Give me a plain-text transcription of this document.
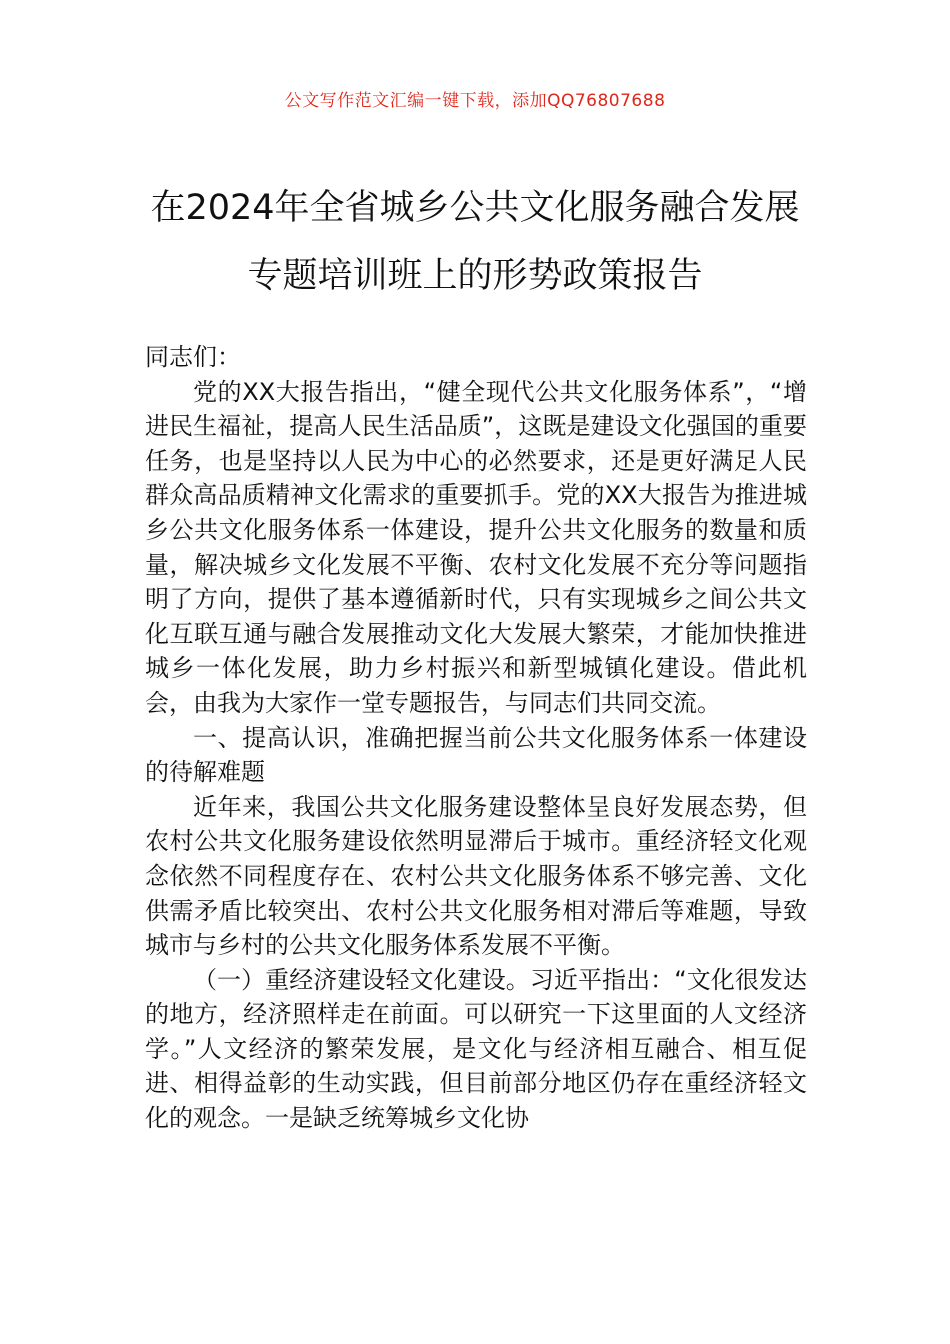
公文写作范文汇编一键下载，添加QQ76807688
在2024年全省城乡公共文化服务融合发展
专题培训班上的形势政策报告

同志们：

党的XX大报告指出，“健全现代公共文化服务体系”，“增进民生福祉，提高人民生活品质”，这既是建设文化强国的重要任务，也是坚持以人民为中心的必然要求，还是更好满足人民群众高品质精神文化需求的重要抓手。党的XX大报告为推进城乡公共文化服务体系一体建设，提升公共文化服务的数量和质量，解决城乡文化发展不平衡、农村文化发展不充分等问题指明了方向，提供了基本遵循新时代，只有实现城乡之间公共文化互联互通与融合发展推动文化大发展大繁荣，才能加快推进城乡一体化发展，助力乡村振兴和新型城镇化建设。借此机会，由我为大家作一堂专题报告，与同志们共同交流。

一、提高认识，准确把握当前公共文化服务体系一体建设的待解难题

近年来，我国公共文化服务建设整体呈良好发展态势，但农村公共文化服务建设依然明显滞后于城市。重经济轻文化观念依然不同程度存在、农村公共文化服务体系不够完善、文化供需矛盾比较突出、农村公共文化服务相对滞后等难题，导致城市与乡村的公共文化服务体系发展不平衡。

（一）重经济建设轻文化建设。习近平指出：“文化很发达的地方，经济照样走在前面。可以研究一下这里面的人文经济学。”人文经济的繁荣发展，是文化与经济相互融合、相互促进、相得益彰的生动实践，但目前部分地区仍存在重经济轻文化的观念。一是缺乏统筹城乡文化协
